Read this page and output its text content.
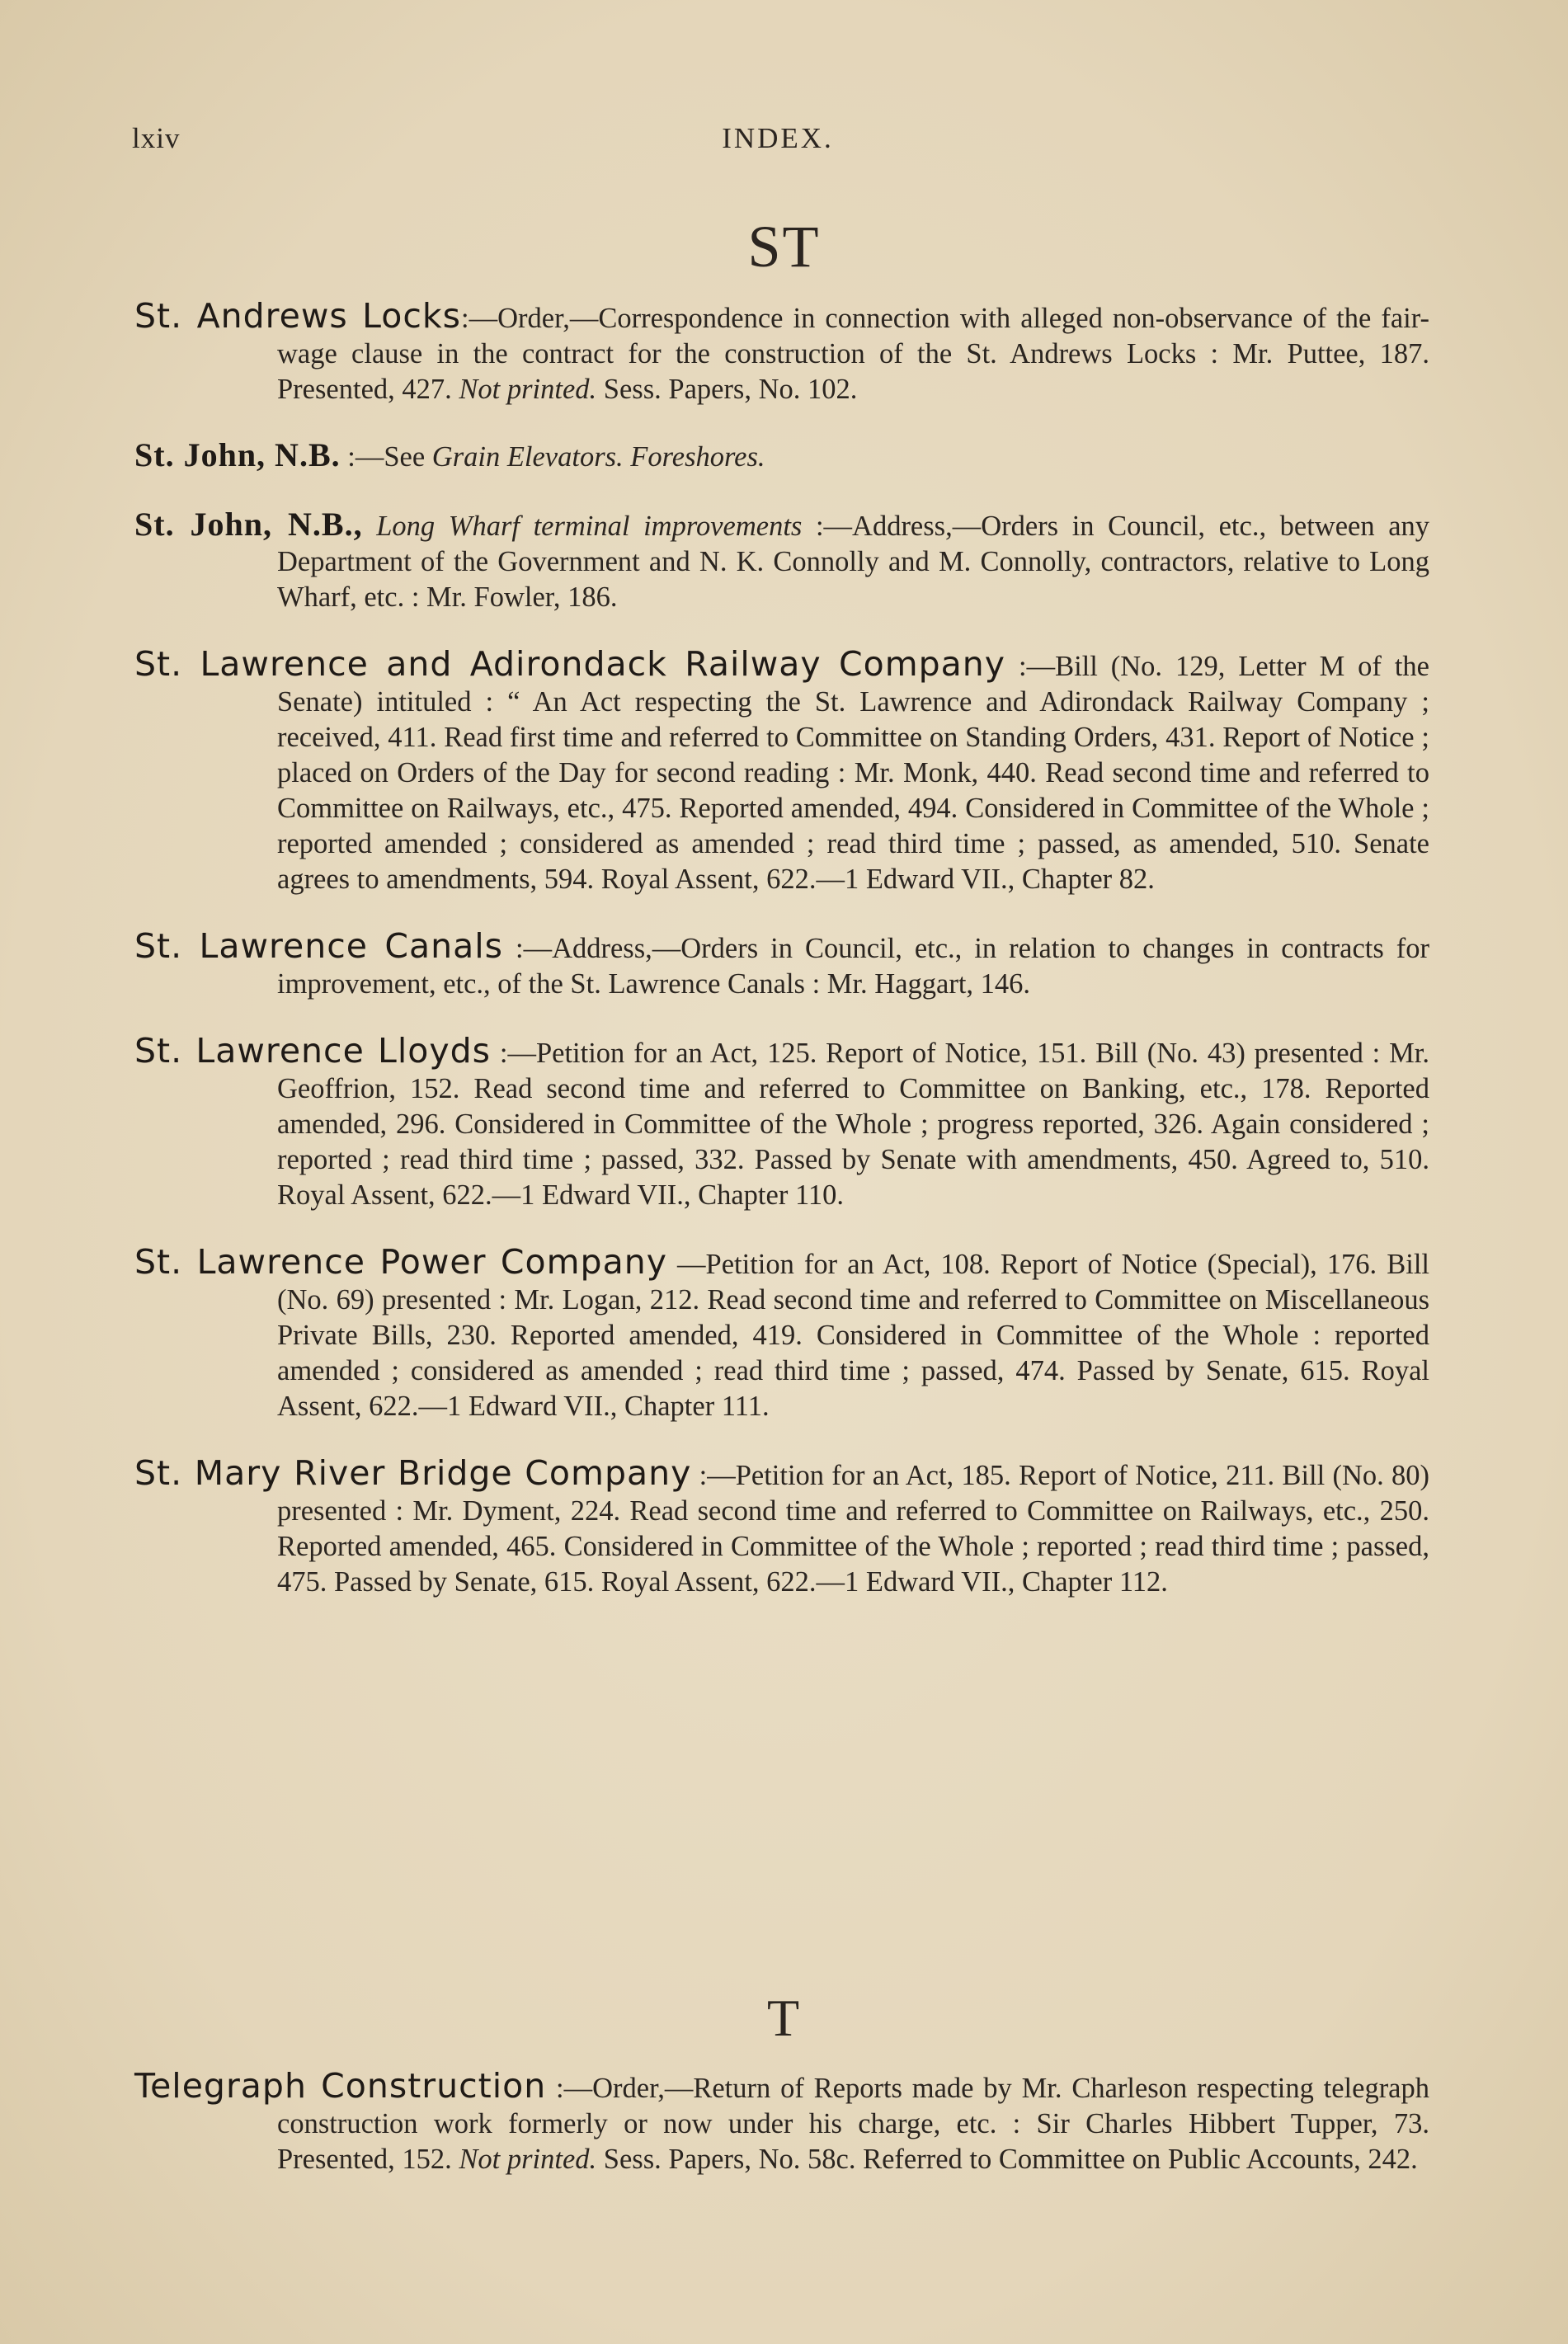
lxiv	INDEX.
ST

St. Andrews Locks:—Order,—Correspondence in connection with alleged non-observance of the fair-wage clause in the contract for the construction of the St. Andrews Locks : Mr. Puttee, 187. Presented, 427. Not printed. Sess. Papers, No. 102.

St. John, N.B. :—See Grain Elevators. Foreshores.

St. John, N.B., Long Wharf terminal improvements :—Address,—Orders in Council, etc., between any Department of the Government and N. K. Connolly and M. Connolly, contractors, relative to Long Wharf, etc. : Mr. Fowler, 186.

St. Lawrence and Adirondack Railway Company :—Bill (No. 129, Letter M of the Senate) intituled : “ An Act respecting the St. Lawrence and Adirondack Railway Company ; received, 411. Read first time and referred to Committee on Standing Orders, 431. Report of Notice ; placed on Orders of the Day for second reading : Mr. Monk, 440. Read second time and referred to Committee on Railways, etc., 475. Reported amended, 494. Considered in Committee of the Whole ; reported amended ; considered as amended ; read third time ; passed, as amended, 510. Senate agrees to amendments, 594. Royal Assent, 622.—1 Edward VII., Chapter 82.

St. Lawrence Canals :—Address,—Orders in Council, etc., in relation to changes in contracts for improvement, etc., of the St. Lawrence Canals : Mr. Haggart, 146.

St. Lawrence Lloyds :—Petition for an Act, 125. Report of Notice, 151. Bill (No. 43) presented : Mr. Geoffrion, 152. Read second time and referred to Committee on Banking, etc., 178. Reported amended, 296. Considered in Committee of the Whole ; progress reported, 326. Again considered ; reported ; read third time ; passed, 332. Passed by Senate with amendments, 450. Agreed to, 510. Royal Assent, 622.—1 Edward VII., Chapter 110.

St. Lawrence Power Company —Petition for an Act, 108. Report of Notice (Special), 176. Bill (No. 69) presented : Mr. Logan, 212. Read second time and referred to Committee on Miscellaneous Private Bills, 230. Reported amended, 419. Considered in Committee of the Whole : reported amended ; considered as amended ; read third time ; passed, 474. Passed by Senate, 615. Royal Assent, 622.—1 Edward VII., Chapter 111.

St. Mary River Bridge Company :—Petition for an Act, 185. Report of Notice, 211. Bill (No. 80) presented : Mr. Dyment, 224. Read second time and referred to Committee on Railways, etc., 250. Reported amended, 465. Considered in Committee of the Whole ; reported ; read third time ; passed, 475. Passed by Senate, 615. Royal Assent, 622.—1 Edward VII., Chapter 112.

T

Telegraph Construction :—Order,—Return of Reports made by Mr. Charleson respecting telegraph construction work formerly or now under his charge, etc. : Sir Charles Hibbert Tupper, 73. Presented, 152. Not printed. Sess. Papers, No. 58c. Referred to Committee on Public Accounts, 242.
